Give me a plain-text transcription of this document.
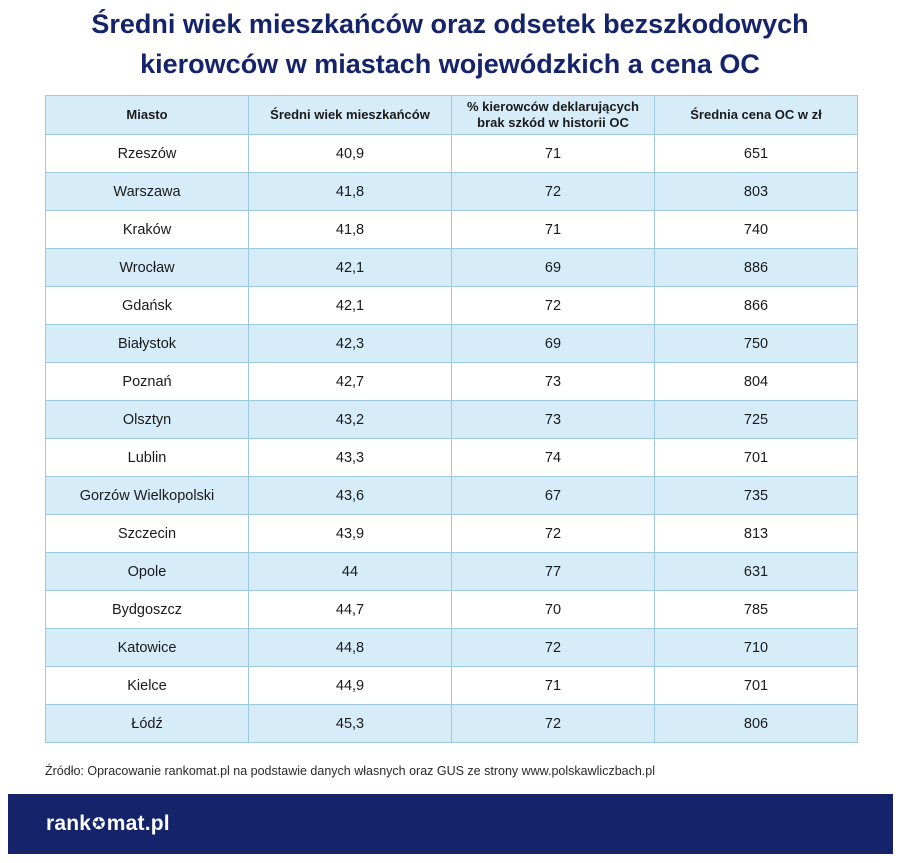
Średni wiek mieszkańców oraz odsetek bezszkodowych
kierowców w miastach wojewódzkich a cena OC
Miasto	Średni wiek mieszkańców	% kierowców deklarujących brak szkód w historii OC	Średnia cena OC w zł
Rzeszów	40,9	71	651
Warszawa	41,8	72	803
Kraków	41,8	71	740
Wrocław	42,1	69	886
Gdańsk	42,1	72	866
Białystok	42,3	69	750
Poznań	42,7	73	804
Olsztyn	43,2	73	725
Lublin	43,3	74	701
Gorzów Wielkopolski	43,6	67	735
Szczecin	43,9	72	813
Opole	44	77	631
Bydgoszcz	44,7	70	785
Katowice	44,8	72	710
Kielce	44,9	71	701
Łódź	45,3	72	806
Źródło: Opracowanie rankomat.pl na podstawie danych własnych oraz GUS ze strony www.polskawliczbach.pl
rank ✪ mat.pl
